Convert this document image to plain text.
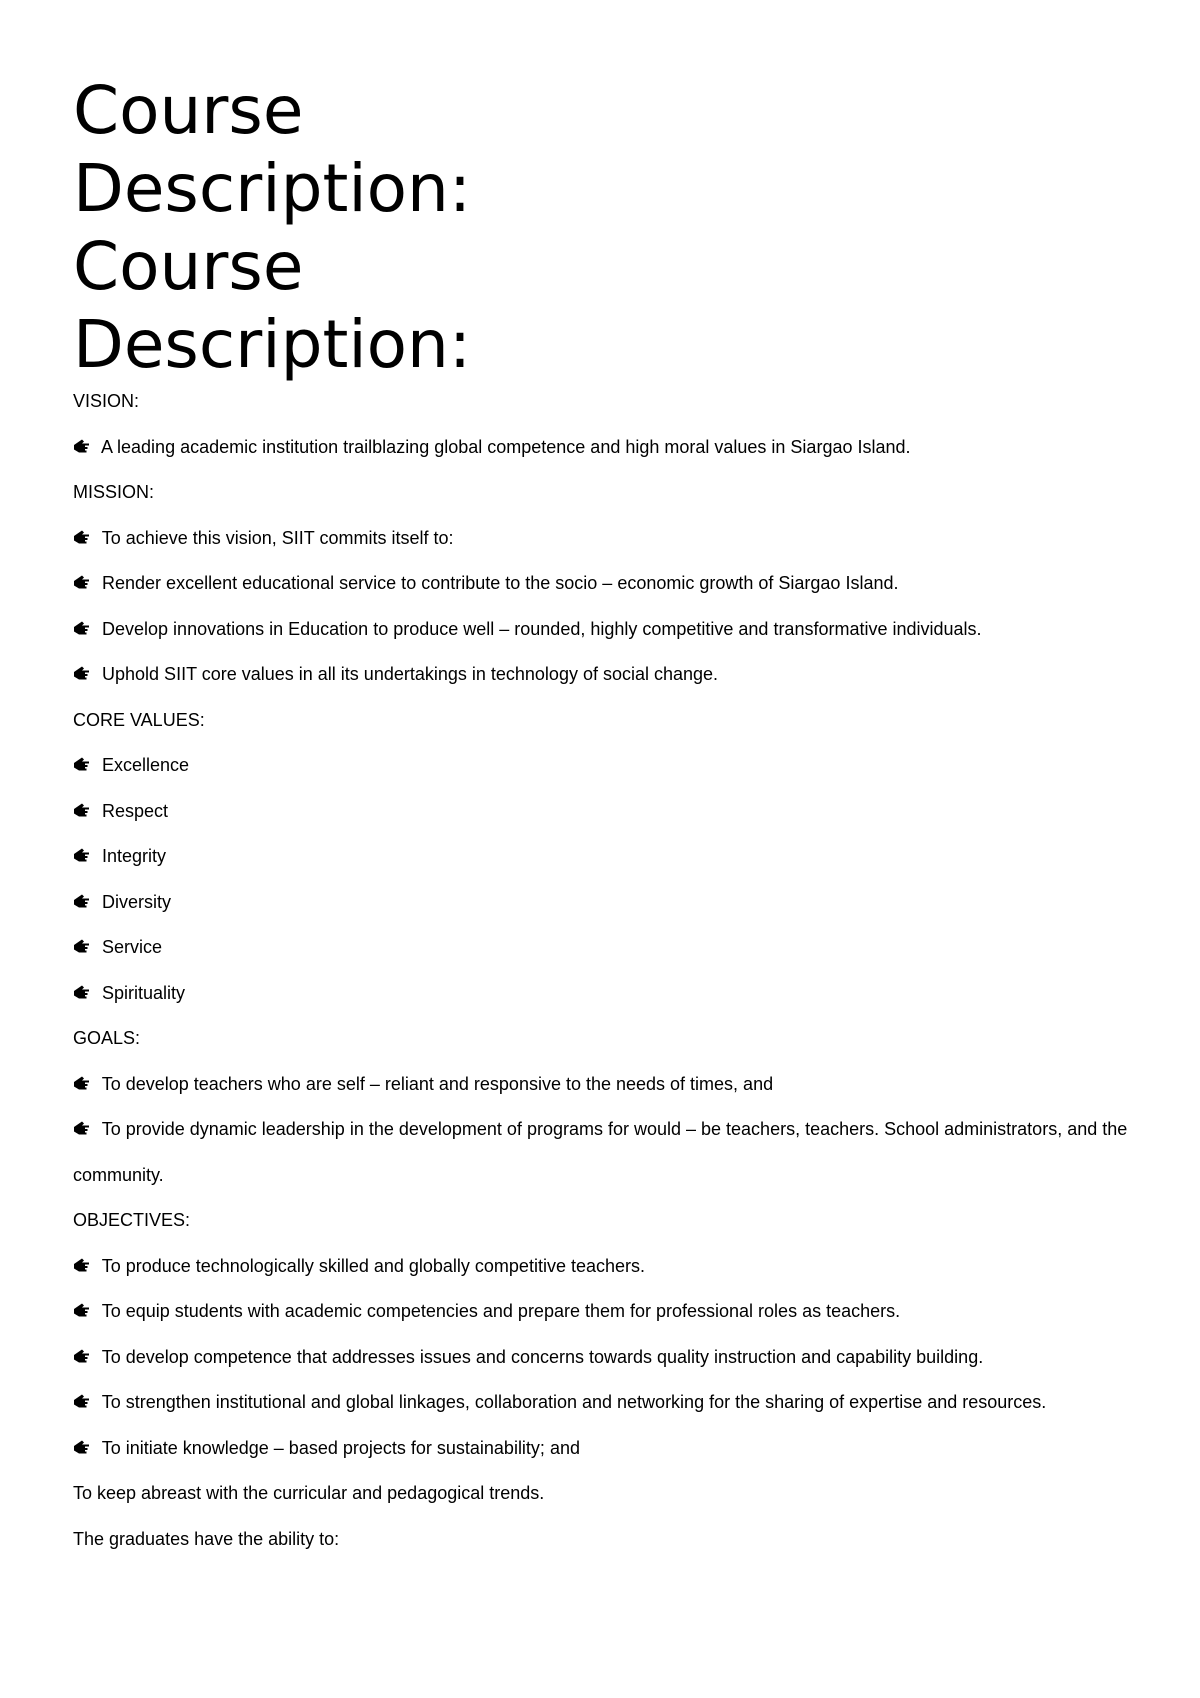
Course
Description:
Course
Description:
VISION:
A leading academic institution trailblazing global competence and high moral values in Siargao Island.
MISSION:
To achieve this vision, SIIT commits itself to:
Render excellent educational service to contribute to the socio – economic growth of Siargao Island.
Develop innovations in Education to produce well – rounded, highly competitive and transformative individuals.
Uphold SIIT core values in all its undertakings in technology of social change.
CORE VALUES:
Excellence
Respect
Integrity
Diversity
Service
Spirituality
GOALS:
To develop teachers who are self – reliant and responsive to the needs of times, and
To provide dynamic leadership in the development of programs for would – be teachers, teachers. School administrators, and the
community.
OBJECTIVES:
To produce technologically skilled and globally competitive teachers.
To equip students with academic competencies and prepare them for professional roles as teachers.
To develop competence that addresses issues and concerns towards quality instruction and capability building.
To strengthen institutional and global linkages, collaboration and networking for the sharing of expertise and resources.
To initiate knowledge – based projects for sustainability; and
To keep abreast with the curricular and pedagogical trends.
The graduates have the ability to:
